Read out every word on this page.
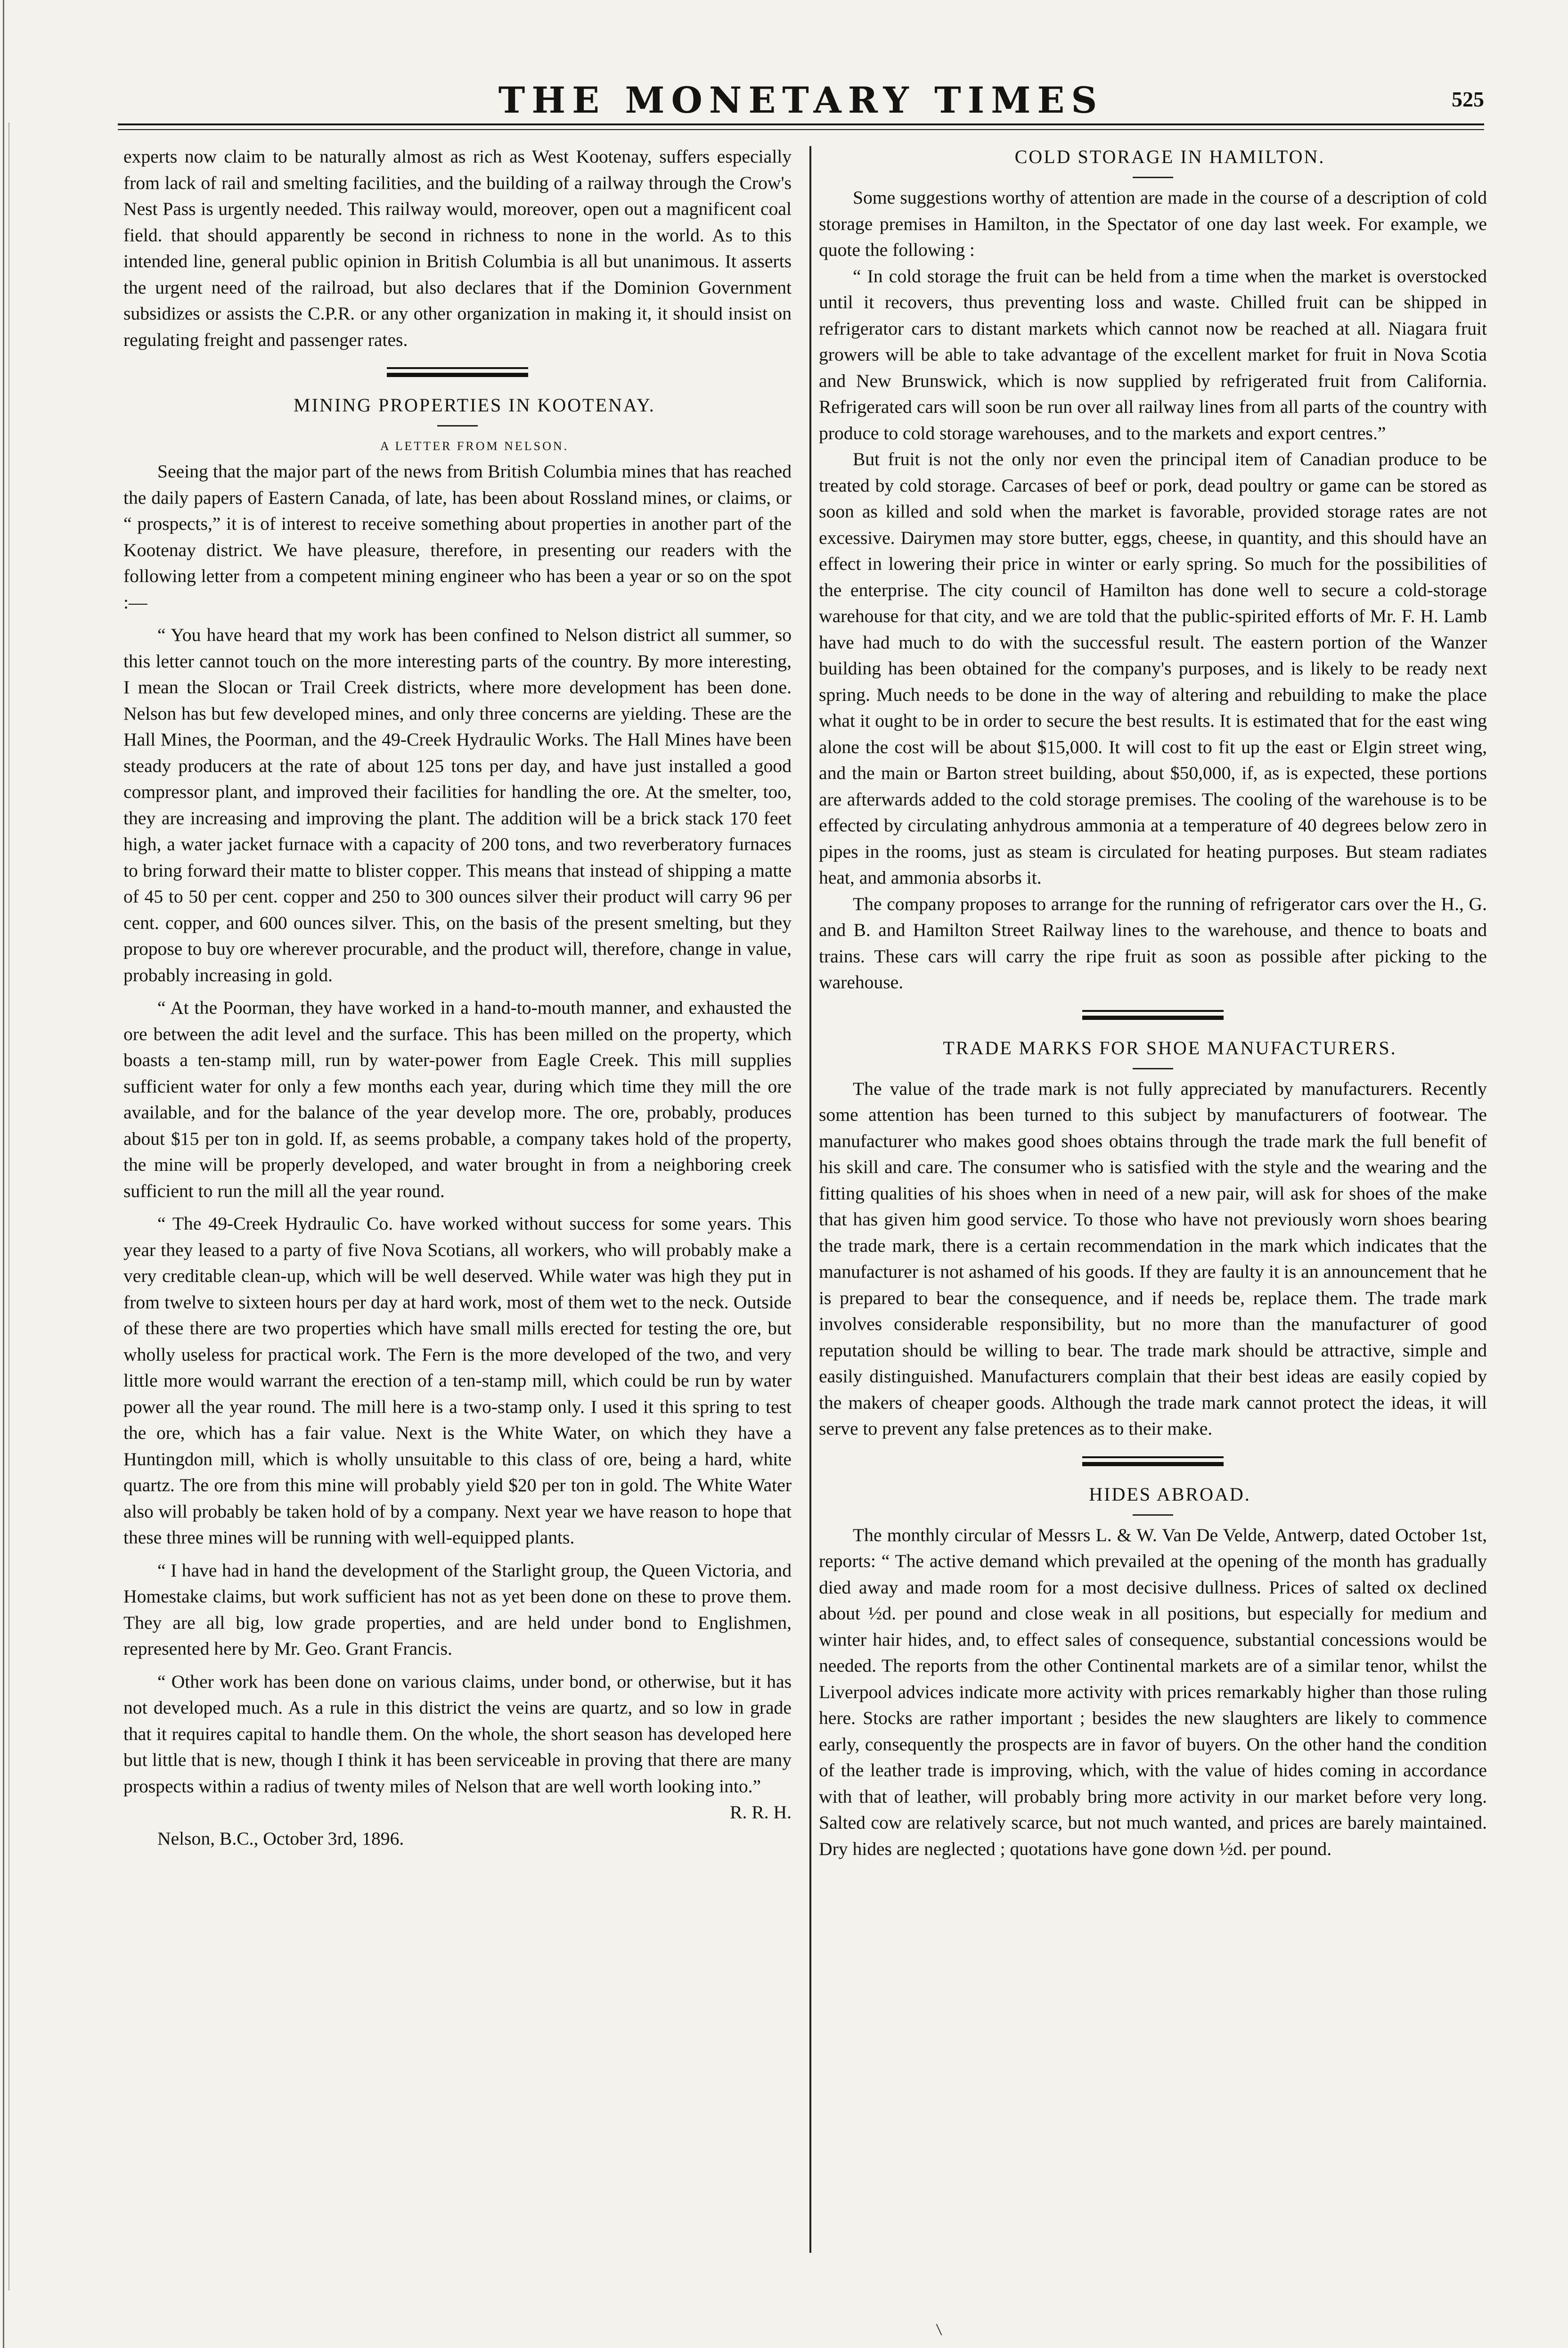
THE MONETARY TIMES	525

experts now claim to be naturally almost as rich as West Kootenay, suffers especially from lack of rail and smelting facilities, and the building of a railway through the Crow's Nest Pass is urgently needed. This railway would, moreover, open out a magnificent coal field. that should apparently be second in richness to none in the world. As to this intended line, general public opinion in British Columbia is all but unanimous. It asserts the urgent need of the railroad, but also declares that if the Dominion Government subsidizes or assists the C.P.R. or any other organization in making it, it should insist on regulating freight and passenger rates.

MINING PROPERTIES IN KOOTENAY.

A LETTER FROM NELSON.

Seeing that the major part of the news from British Columbia mines that has reached the daily papers of Eastern Canada, of late, has been about Rossland mines, or claims, or “ prospects,” it is of interest to receive something about properties in another part of the Kootenay district. We have pleasure, therefore, in presenting our readers with the following letter from a competent mining engineer who has been a year or so on the spot :—

“ You have heard that my work has been confined to Nelson district all summer, so this letter cannot touch on the more interesting parts of the country. By more interesting, I mean the Slocan or Trail Creek districts, where more development has been done. Nelson has but few developed mines, and only three concerns are yielding. These are the Hall Mines, the Poorman, and the 49-Creek Hydraulic Works. The Hall Mines have been steady producers at the rate of about 125 tons per day, and have just installed a good compressor plant, and improved their facilities for handling the ore. At the smelter, too, they are increasing and improving the plant. The addition will be a brick stack 170 feet high, a water jacket furnace with a capacity of 200 tons, and two reverberatory furnaces to bring forward their matte to blister copper. This means that instead of shipping a matte of 45 to 50 per cent. copper and 250 to 300 ounces silver their product will carry 96 per cent. copper, and 600 ounces silver. This, on the basis of the present smelting, but they propose to buy ore wherever procurable, and the product will, therefore, change in value, probably increasing in gold.

“ At the Poorman, they have worked in a hand-to-mouth manner, and exhausted the ore between the adit level and the surface. This has been milled on the property, which boasts a ten-stamp mill, run by water-power from Eagle Creek. This mill supplies sufficient water for only a few months each year, during which time they mill the ore available, and for the balance of the year develop more. The ore, probably, produces about $15 per ton in gold. If, as seems probable, a company takes hold of the property, the mine will be properly developed, and water brought in from a neighboring creek sufficient to run the mill all the year round.

“ The 49-Creek Hydraulic Co. have worked without success for some years. This year they leased to a party of five Nova Scotians, all workers, who will probably make a very creditable clean-up, which will be well deserved. While water was high they put in from twelve to sixteen hours per day at hard work, most of them wet to the neck. Outside of these there are two properties which have small mills erected for testing the ore, but wholly useless for practical work. The Fern is the more developed of the two, and very little more would warrant the erection of a ten-stamp mill, which could be run by water power all the year round. The mill here is a two-stamp only. I used it this spring to test the ore, which has a fair value. Next is the White Water, on which they have a Huntingdon mill, which is wholly unsuitable to this class of ore, being a hard, white quartz. The ore from this mine will probably yield $20 per ton in gold. The White Water also will probably be taken hold of by a company. Next year we have reason to hope that these three mines will be running with well-equipped plants.

“ I have had in hand the development of the Starlight group, the Queen Victoria, and Homestake claims, but work sufficient has not as yet been done on these to prove them. They are all big, low grade properties, and are held under bond to Englishmen, represented here by Mr. Geo. Grant Francis.

“ Other work has been done on various claims, under bond, or otherwise, but it has not developed much. As a rule in this district the veins are quartz, and so low in grade that it requires capital to handle them. On the whole, the short season has developed here but little that is new, though I think it has been serviceable in proving that there are many prospects within a radius of twenty miles of Nelson that are well worth looking into.”

R. R. H.

Nelson, B.C., October 3rd, 1896.

COLD STORAGE IN HAMILTON.

Some suggestions worthy of attention are made in the course of a description of cold storage premises in Hamilton, in the Spectator of one day last week. For example, we quote the following :

“ In cold storage the fruit can be held from a time when the market is overstocked until it recovers, thus preventing loss and waste. Chilled fruit can be shipped in refrigerator cars to distant markets which cannot now be reached at all. Niagara fruit growers will be able to take advantage of the excellent market for fruit in Nova Scotia and New Brunswick, which is now supplied by refrigerated fruit from California. Refrigerated cars will soon be run over all railway lines from all parts of the country with produce to cold storage warehouses, and to the markets and export centres.”

But fruit is not the only nor even the principal item of Canadian produce to be treated by cold storage. Carcases of beef or pork, dead poultry or game can be stored as soon as killed and sold when the market is favorable, provided storage rates are not excessive. Dairymen may store butter, eggs, cheese, in quantity, and this should have an effect in lowering their price in winter or early spring. So much for the possibilities of the enterprise. The city council of Hamilton has done well to secure a cold-storage warehouse for that city, and we are told that the public-spirited efforts of Mr. F. H. Lamb have had much to do with the successful result. The eastern portion of the Wanzer building has been obtained for the company's purposes, and is likely to be ready next spring. Much needs to be done in the way of altering and rebuilding to make the place what it ought to be in order to secure the best results. It is estimated that for the east wing alone the cost will be about $15,000. It will cost to fit up the east or Elgin street wing, and the main or Barton street building, about $50,000, if, as is expected, these portions are afterwards added to the cold storage premises. The cooling of the warehouse is to be effected by circulating anhydrous ammonia at a temperature of 40 degrees below zero in pipes in the rooms, just as steam is circulated for heating purposes. But steam radiates heat, and ammonia absorbs it.

The company proposes to arrange for the running of refrigerator cars over the H., G. and B. and Hamilton Street Railway lines to the warehouse, and thence to boats and trains. These cars will carry the ripe fruit as soon as possible after picking to the warehouse.

TRADE MARKS FOR SHOE MANUFACTURERS.

The value of the trade mark is not fully appreciated by manufacturers. Recently some attention has been turned to this subject by manufacturers of footwear. The manufacturer who makes good shoes obtains through the trade mark the full benefit of his skill and care. The consumer who is satisfied with the style and the wearing and the fitting qualities of his shoes when in need of a new pair, will ask for shoes of the make that has given him good service. To those who have not previously worn shoes bearing the trade mark, there is a certain recommendation in the mark which indicates that the manufacturer is not ashamed of his goods. If they are faulty it is an announcement that he is prepared to bear the consequence, and if needs be, replace them. The trade mark involves considerable responsibility, but no more than the manufacturer of good reputation should be willing to bear. The trade mark should be attractive, simple and easily distinguished. Manufacturers complain that their best ideas are easily copied by the makers of cheaper goods. Although the trade mark cannot protect the ideas, it will serve to prevent any false pretences as to their make.

HIDES ABROAD.

The monthly circular of Messrs L. & W. Van De Velde, Antwerp, dated October 1st, reports: “ The active demand which prevailed at the opening of the month has gradually died away and made room for a most decisive dullness. Prices of salted ox declined about ½d. per pound and close weak in all positions, but especially for medium and winter hair hides, and, to effect sales of consequence, substantial concessions would be needed. The reports from the other Continental markets are of a similar tenor, whilst the Liverpool advices indicate more activity with prices remarkably higher than those ruling here. Stocks are rather important ; besides the new slaughters are likely to commence early, consequently the prospects are in favor of buyers. On the other hand the condition of the leather trade is improving, which, with the value of hides coming in accordance with that of leather, will probably bring more activity in our market before very long. Salted cow are relatively scarce, but not much wanted, and prices are barely maintained. Dry hides are neglected ; quotations have gone down ½d. per pound.
